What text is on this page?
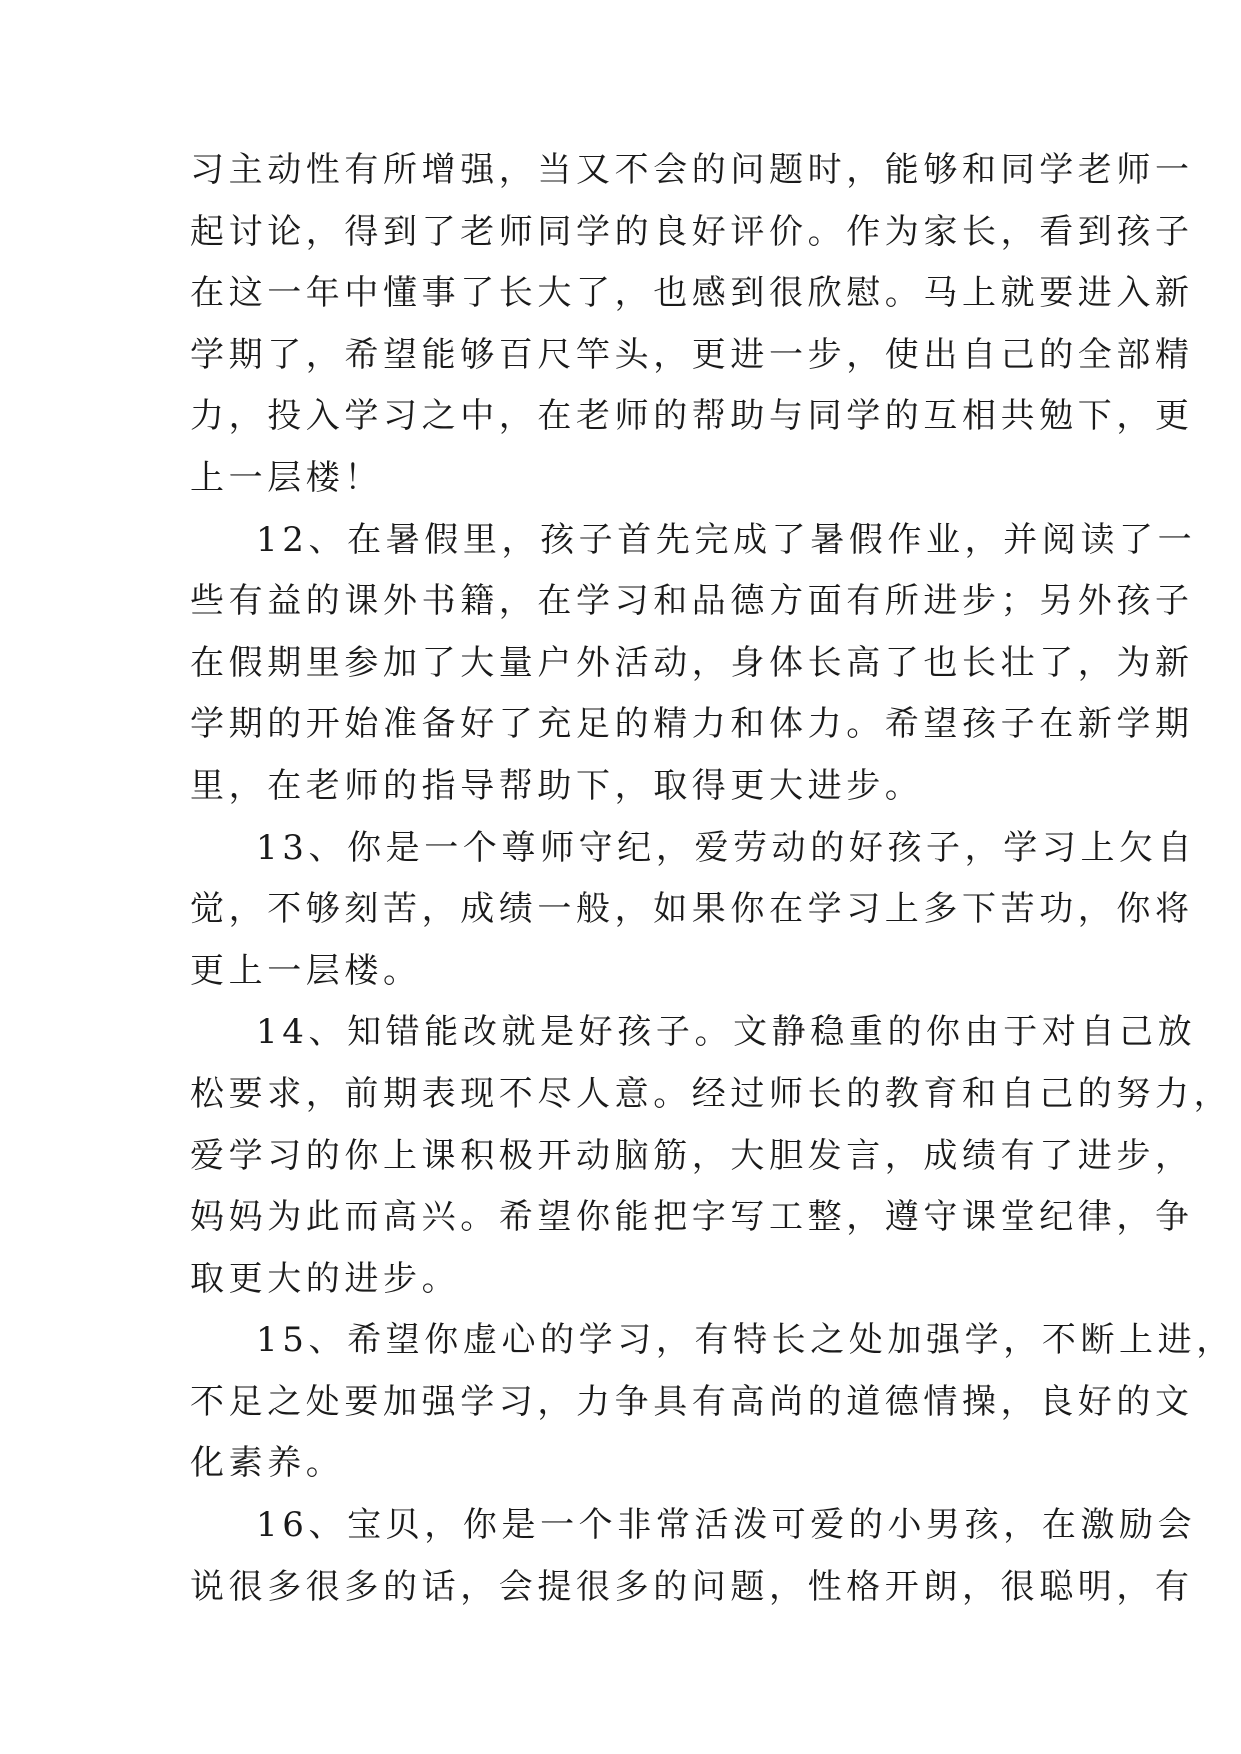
习主动性有所增强，当又不会的问题时，能够和同学老师一
起讨论，得到了老师同学的良好评价。作为家长，看到孩子
在这一年中懂事了长大了，也感到很欣慰。马上就要进入新
学期了，希望能够百尺竿头，更进一步，使出自己的全部精
力，投入学习之中，在老师的帮助与同学的互相共勉下，更
上一层楼！
12、在暑假里，孩子首先完成了暑假作业，并阅读了一
些有益的课外书籍，在学习和品德方面有所进步；另外孩子
在假期里参加了大量户外活动，身体长高了也长壮了，为新
学期的开始准备好了充足的精力和体力。希望孩子在新学期
里，在老师的指导帮助下，取得更大进步。
13、你是一个尊师守纪，爱劳动的好孩子，学习上欠自
觉，不够刻苦，成绩一般，如果你在学习上多下苦功，你将
更上一层楼。
14、知错能改就是好孩子。文静稳重的你由于对自己放
松要求，前期表现不尽人意。经过师长的教育和自己的努力，
爱学习的你上课积极开动脑筋，大胆发言，成绩有了进步，
妈妈为此而高兴。希望你能把字写工整，遵守课堂纪律，争
取更大的进步。
15、希望你虚心的学习，有特长之处加强学，不断上进，
不足之处要加强学习，力争具有高尚的道德情操，良好的文
化素养。
16、宝贝，你是一个非常活泼可爱的小男孩，在激励会
说很多很多的话，会提很多的问题，性格开朗，很聪明，有
